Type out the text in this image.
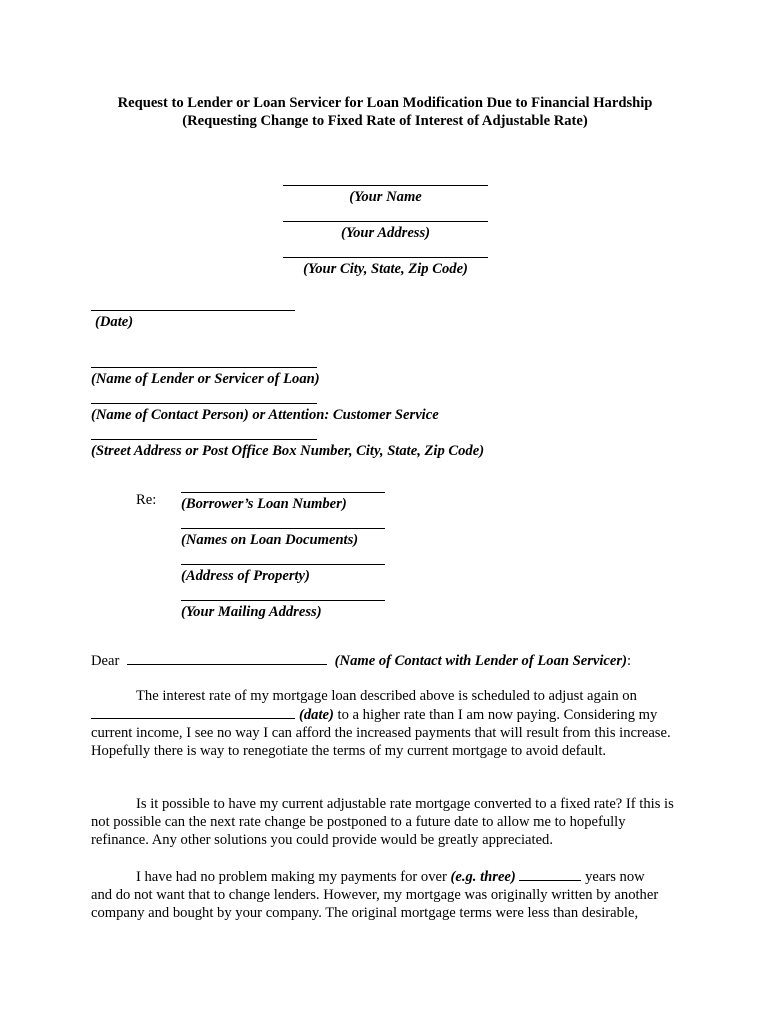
Request to Lender or Loan Servicer for Loan Modification Due to Financial Hardship
(Requesting Change to Fixed Rate of Interest of Adjustable Rate)
(Your Name
(Your Address)
(Your City, State, Zip Code)
(Date)
(Name of Lender or Servicer of Loan)
(Name of Contact Person) or Attention: Customer Service
(Street Address or Post Office Box Number, City, State, Zip Code)
Re: (Borrower’s Loan Number)
(Names on Loan Documents)
(Address of Property)
(Your Mailing Address)
Dear	(Name of Contact with Lender of Loan Servicer):
The interest rate of my mortgage loan described above is scheduled to adjust again on
(date) to a higher rate than I am now paying. Considering my current income, I see no way I can afford the increased payments that will result from this increase. Hopefully there is way to renegotiate the terms of my current mortgage to avoid default.
Is it possible to have my current adjustable rate mortgage converted to a fixed rate? If this is not possible can the next rate change be postponed to a future date to allow me to hopefully refinance. Any other solutions you could provide would be greatly appreciated.
I have had no problem making my payments for over (e.g. three)	years now
and do not want that to change lenders. However, my mortgage was originally written by another company and bought by your company. The original mortgage terms were less than desirable,
